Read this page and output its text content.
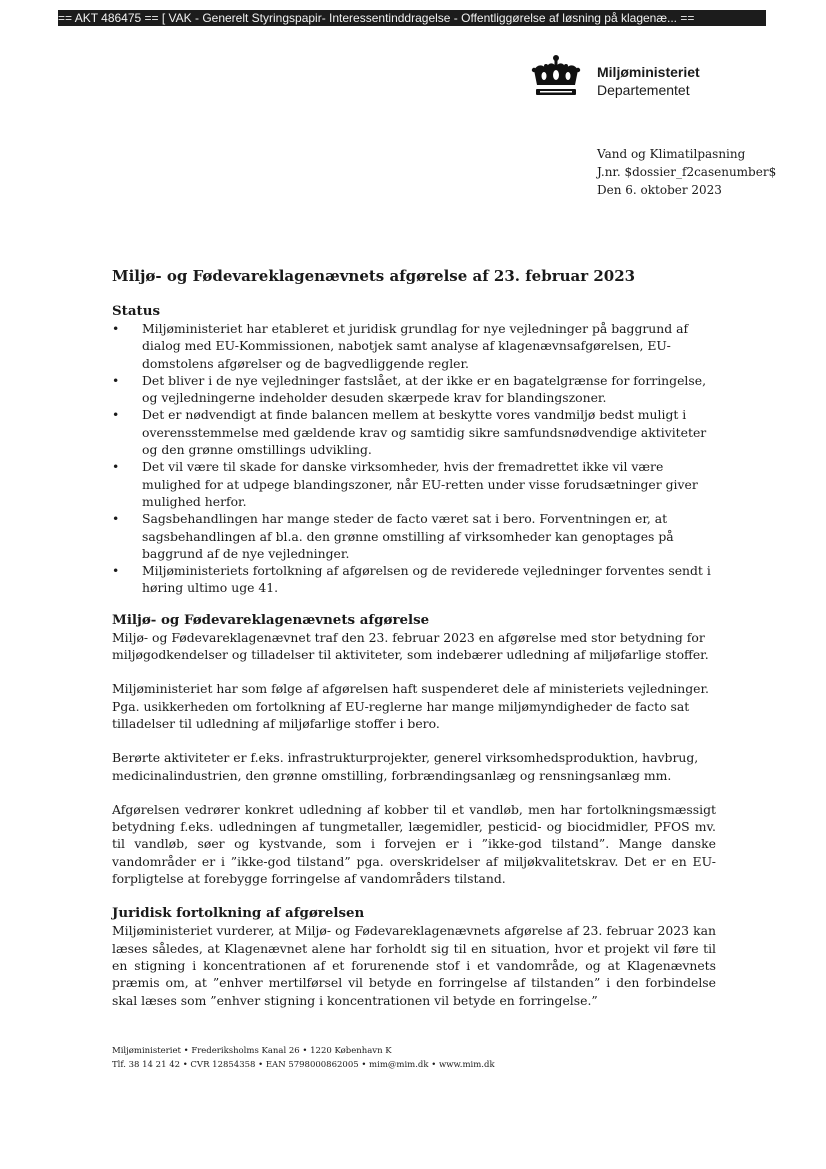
== AKT 486475 == [ VAK - Generelt Styringspapir- Interessentinddragelse - Offentliggørelse af løsning på klagenæ... ==
Miljøministeriet
Departementet
Vand og Klimatilpasning
J.nr. $dossier_f2casenumber$
Den 6. oktober 2023
Miljø- og Fødevareklagenævnets afgørelse af 23. februar 2023
Status
• Miljøministeriet har etableret et juridisk grundlag for nye vejledninger på baggrund af dialog med EU-Kommissionen, nabotjek samt analyse af klagenævnsafgørelsen, EU-domstolens afgørelser og de bagvedliggende regler.
• Det bliver i de nye vejledninger fastslået, at der ikke er en bagatelgrænse for forringelse, og vejledningerne indeholder desuden skærpede krav for blandingszoner.
• Det er nødvendigt at finde balancen mellem at beskytte vores vandmiljø bedst muligt i overensstemmelse med gældende krav og samtidig sikre samfundsnødvendige aktiviteter og den grønne omstillings udvikling.
• Det vil være til skade for danske virksomheder, hvis der fremadrettet ikke vil være mulighed for at udpege blandingszoner, når EU-retten under visse forudsætninger giver mulighed herfor.
• Sagsbehandlingen har mange steder de facto været sat i bero. Forventningen er, at sagsbehandlingen af bl.a. den grønne omstilling af virksomheder kan genoptages på baggrund af de nye vejledninger.
• Miljøministeriets fortolkning af afgørelsen og de reviderede vejledninger forventes sendt i høring ultimo uge 41.
Miljø- og Fødevareklagenævnets afgørelse

Miljø- og Fødevareklagenævnet traf den 23. februar 2023 en afgørelse med stor betydning for miljøgodkendelser og tilladelser til aktiviteter, som indebærer udledning af miljøfarlige stoffer.

Miljøministeriet har som følge af afgørelsen haft suspenderet dele af ministeriets vejledninger. Pga. usikkerheden om fortolkning af EU-reglerne har mange miljømyndigheder de facto sat tilladelser til udledning af miljøfarlige stoffer i bero.

Berørte aktiviteter er f.eks. infrastrukturprojekter, generel virksomhedsproduktion, havbrug, medicinalindustrien, den grønne omstilling, forbrændingsanlæg og rensningsanlæg mm.

Afgørelsen vedrører konkret udledning af kobber til et vandløb, men har fortolkningsmæssigt betydning f.eks. udledningen af tungmetaller, lægemidler, pesticid- og biocidmidler, PFOS mv. til vandløb, søer og kystvande, som i forvejen er i ”ikke-god tilstand”. Mange danske vandområder er i ”ikke-god tilstand” pga. overskridelser af miljøkvalitetskrav. Det er en EU-forpligtelse at forebygge forringelse af vandområders tilstand.

Juridisk fortolkning af afgørelsen

Miljøministeriet vurderer, at Miljø- og Fødevareklagenævnets afgørelse af 23. februar 2023 kan læses således, at Klagenævnet alene har forholdt sig til en situation, hvor et projekt vil føre til en stigning i koncentrationen af et forurenende stof i et vandområde, og at Klagenævnets præmis om, at ”enhver mertilførsel vil betyde en forringelse af tilstanden” i den forbindelse skal læses som ”enhver stigning i koncentrationen vil betyde en forringelse.”

Miljøministeriet • Frederiksholms Kanal 26 • 1220 København K
Tlf. 38 14 21 42 • CVR 12854358 • EAN 5798000862005 • mim@mim.dk • www.mim.dk
